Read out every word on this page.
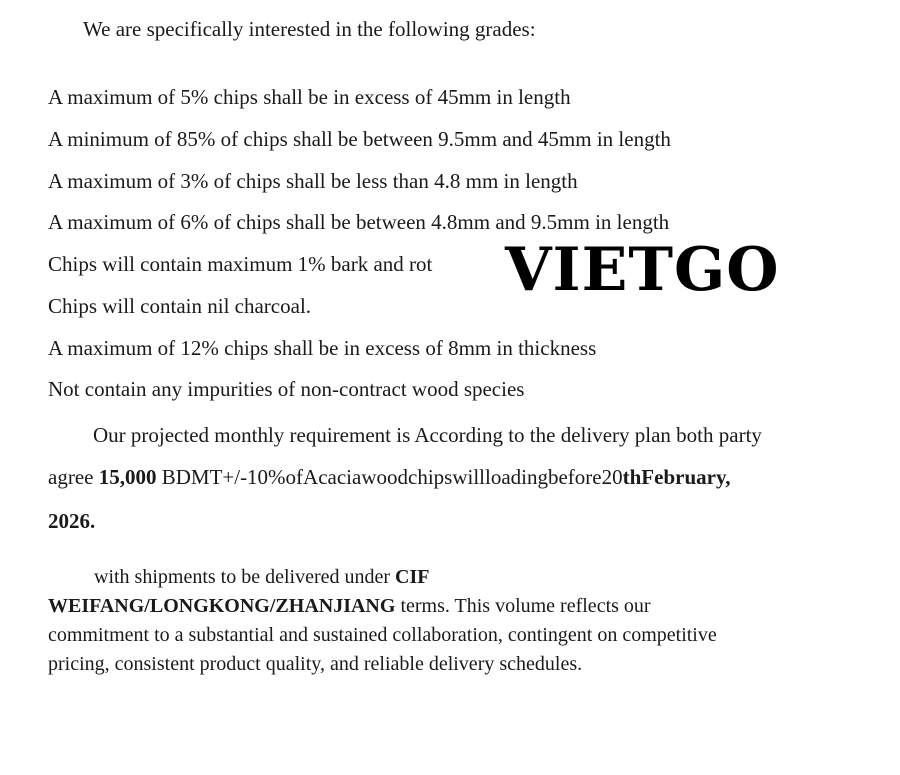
We are specifically interested in the following grades:
A maximum of 5% chips shall be in excess of 45mm in length
A minimum of 85% of chips shall be between 9.5mm and 45mm in length
A maximum of 3% of chips shall be less than 4.8 mm in length
A maximum of 6% of chips shall be between 4.8mm and 9.5mm in length
Chips will contain maximum 1% bark and rot
Chips will contain nil charcoal.
A maximum of 12% chips shall be in excess of 8mm in thickness
Not contain any impurities of non-contract wood species
Our projected monthly requirement is According to the delivery plan both party
agree 15,000 BDMT+/-10%ofAcaciawoodchipswillloadingbefore20thFebruary,
2026.
with shipments to be delivered under CIF
WEIFANG/LONGKONG/ZHANJIANG terms. This volume reflects our
commitment to a substantial and sustained collaboration, contingent on competitive
pricing, consistent product quality, and reliable delivery schedules.
VIETGO
